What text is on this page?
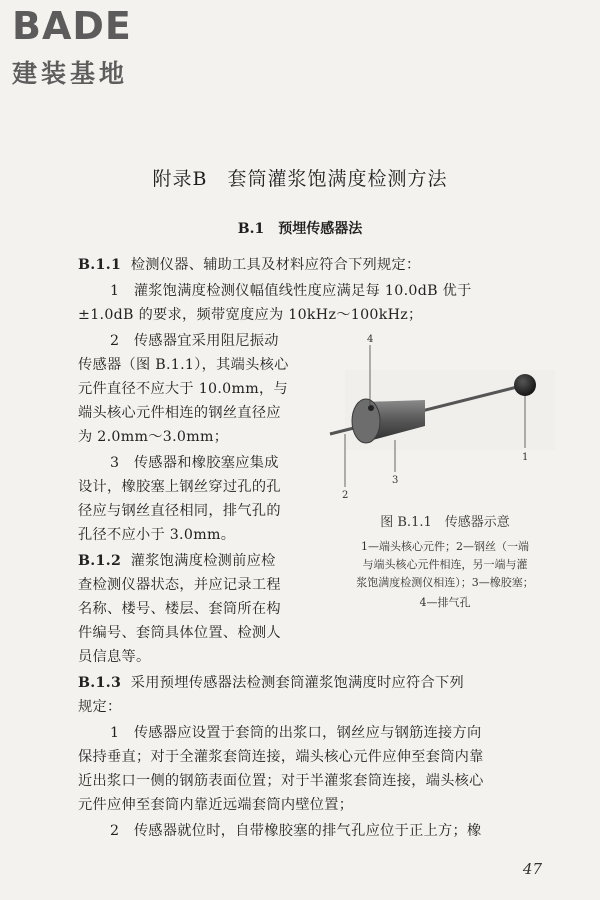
BADE
建装基地
附录B　套筒灌浆饱满度检测方法
B.1　预埋传感器法
B.1.1 检测仪器、辅助工具及材料应符合下列规定：
1　灌浆饱满度检测仪幅值线性度应满足每 10.0dB 优于
±1.0dB 的要求，频带宽度应为 10kHz～100kHz；
2　传感器宜采用阻尼振动
传感器（图 B.1.1），其端头核心
元件直径不应大于 10.0mm，与
端头核心元件相连的钢丝直径应
为 2.0mm～3.0mm；
3　传感器和橡胶塞应集成
设计，橡胶塞上钢丝穿过孔的孔
径应与钢丝直径相同，排气孔的
孔径不应小于 3.0mm。
B.1.2 灌浆饱满度检测前应检
查检测仪器状态，并应记录工程
名称、楼号、楼层、套筒所在构
件编号、套筒具体位置、检测人
员信息等。
4
1
2
3
图 B.1.1　传感器示意
1—端头核心元件；2—钢丝（一端
与端头核心元件相连，另一端与灌
浆饱满度检测仪相连）；3—橡胶塞；
4—排气孔
B.1.3 采用预埋传感器法检测套筒灌浆饱满度时应符合下列
规定：
1　传感器应设置于套筒的出浆口，钢丝应与钢筋连接方向
保持垂直；对于全灌浆套筒连接，端头核心元件应伸至套筒内靠
近出浆口一侧的钢筋表面位置；对于半灌浆套筒连接，端头核心
元件应伸至套筒内靠近远端套筒内壁位置；
2　传感器就位时，自带橡胶塞的排气孔应位于正上方；橡
47
